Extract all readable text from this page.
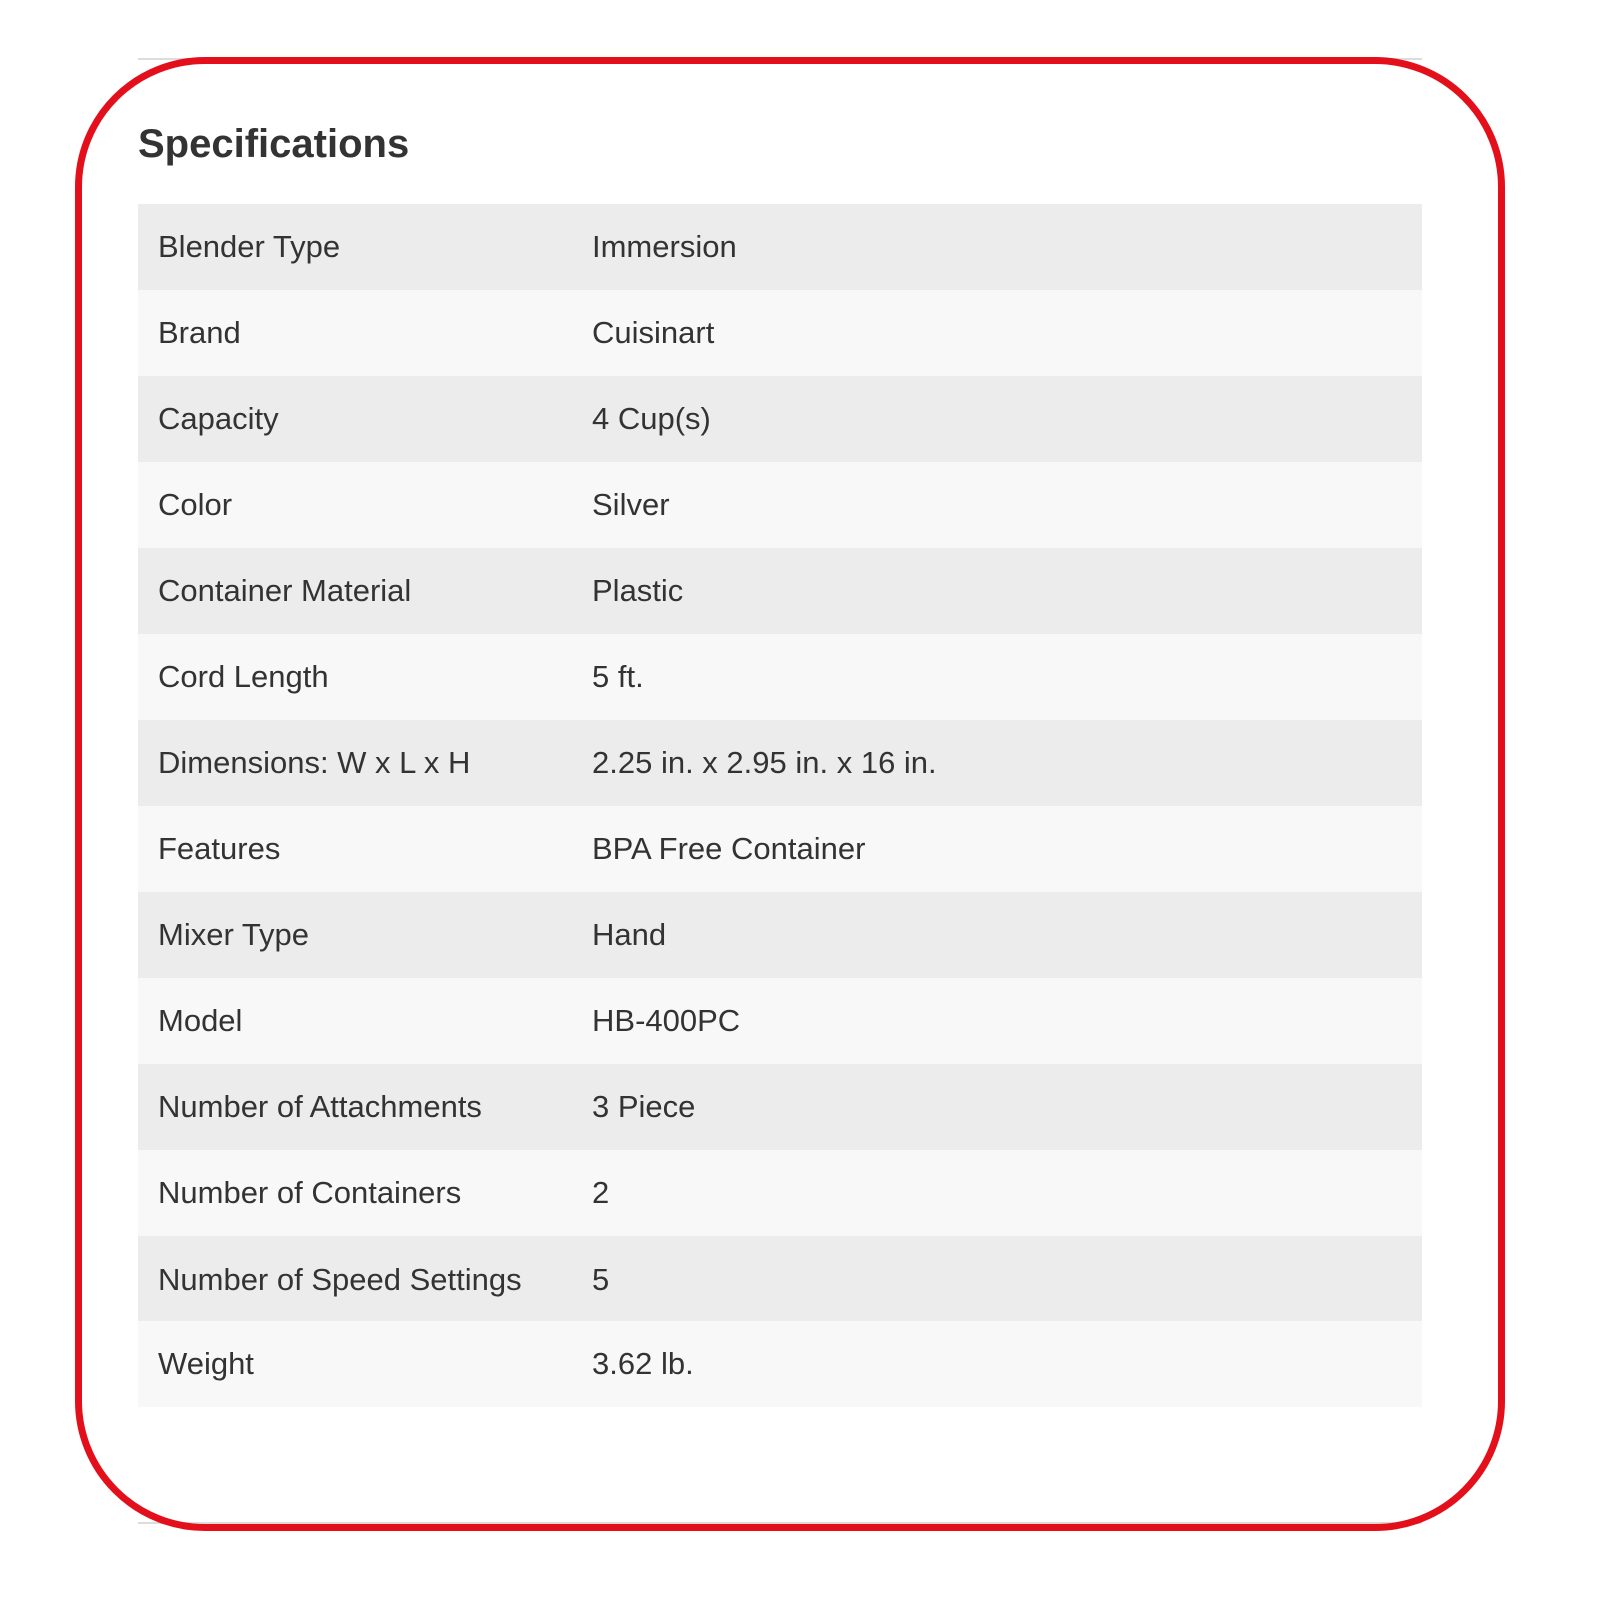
Specifications
Blender Type	Immersion
Brand	Cuisinart
Capacity	4 Cup(s)
Color	Silver
Container Material	Plastic
Cord Length	5 ft.
Dimensions: W x L x H	2.25 in. x 2.95 in. x 16 in.
Features	BPA Free Container
Mixer Type	Hand
Model	HB-400PC
Number of Attachments	3 Piece
Number of Containers	2
Number of Speed Settings	5
Weight	3.62 lb.
